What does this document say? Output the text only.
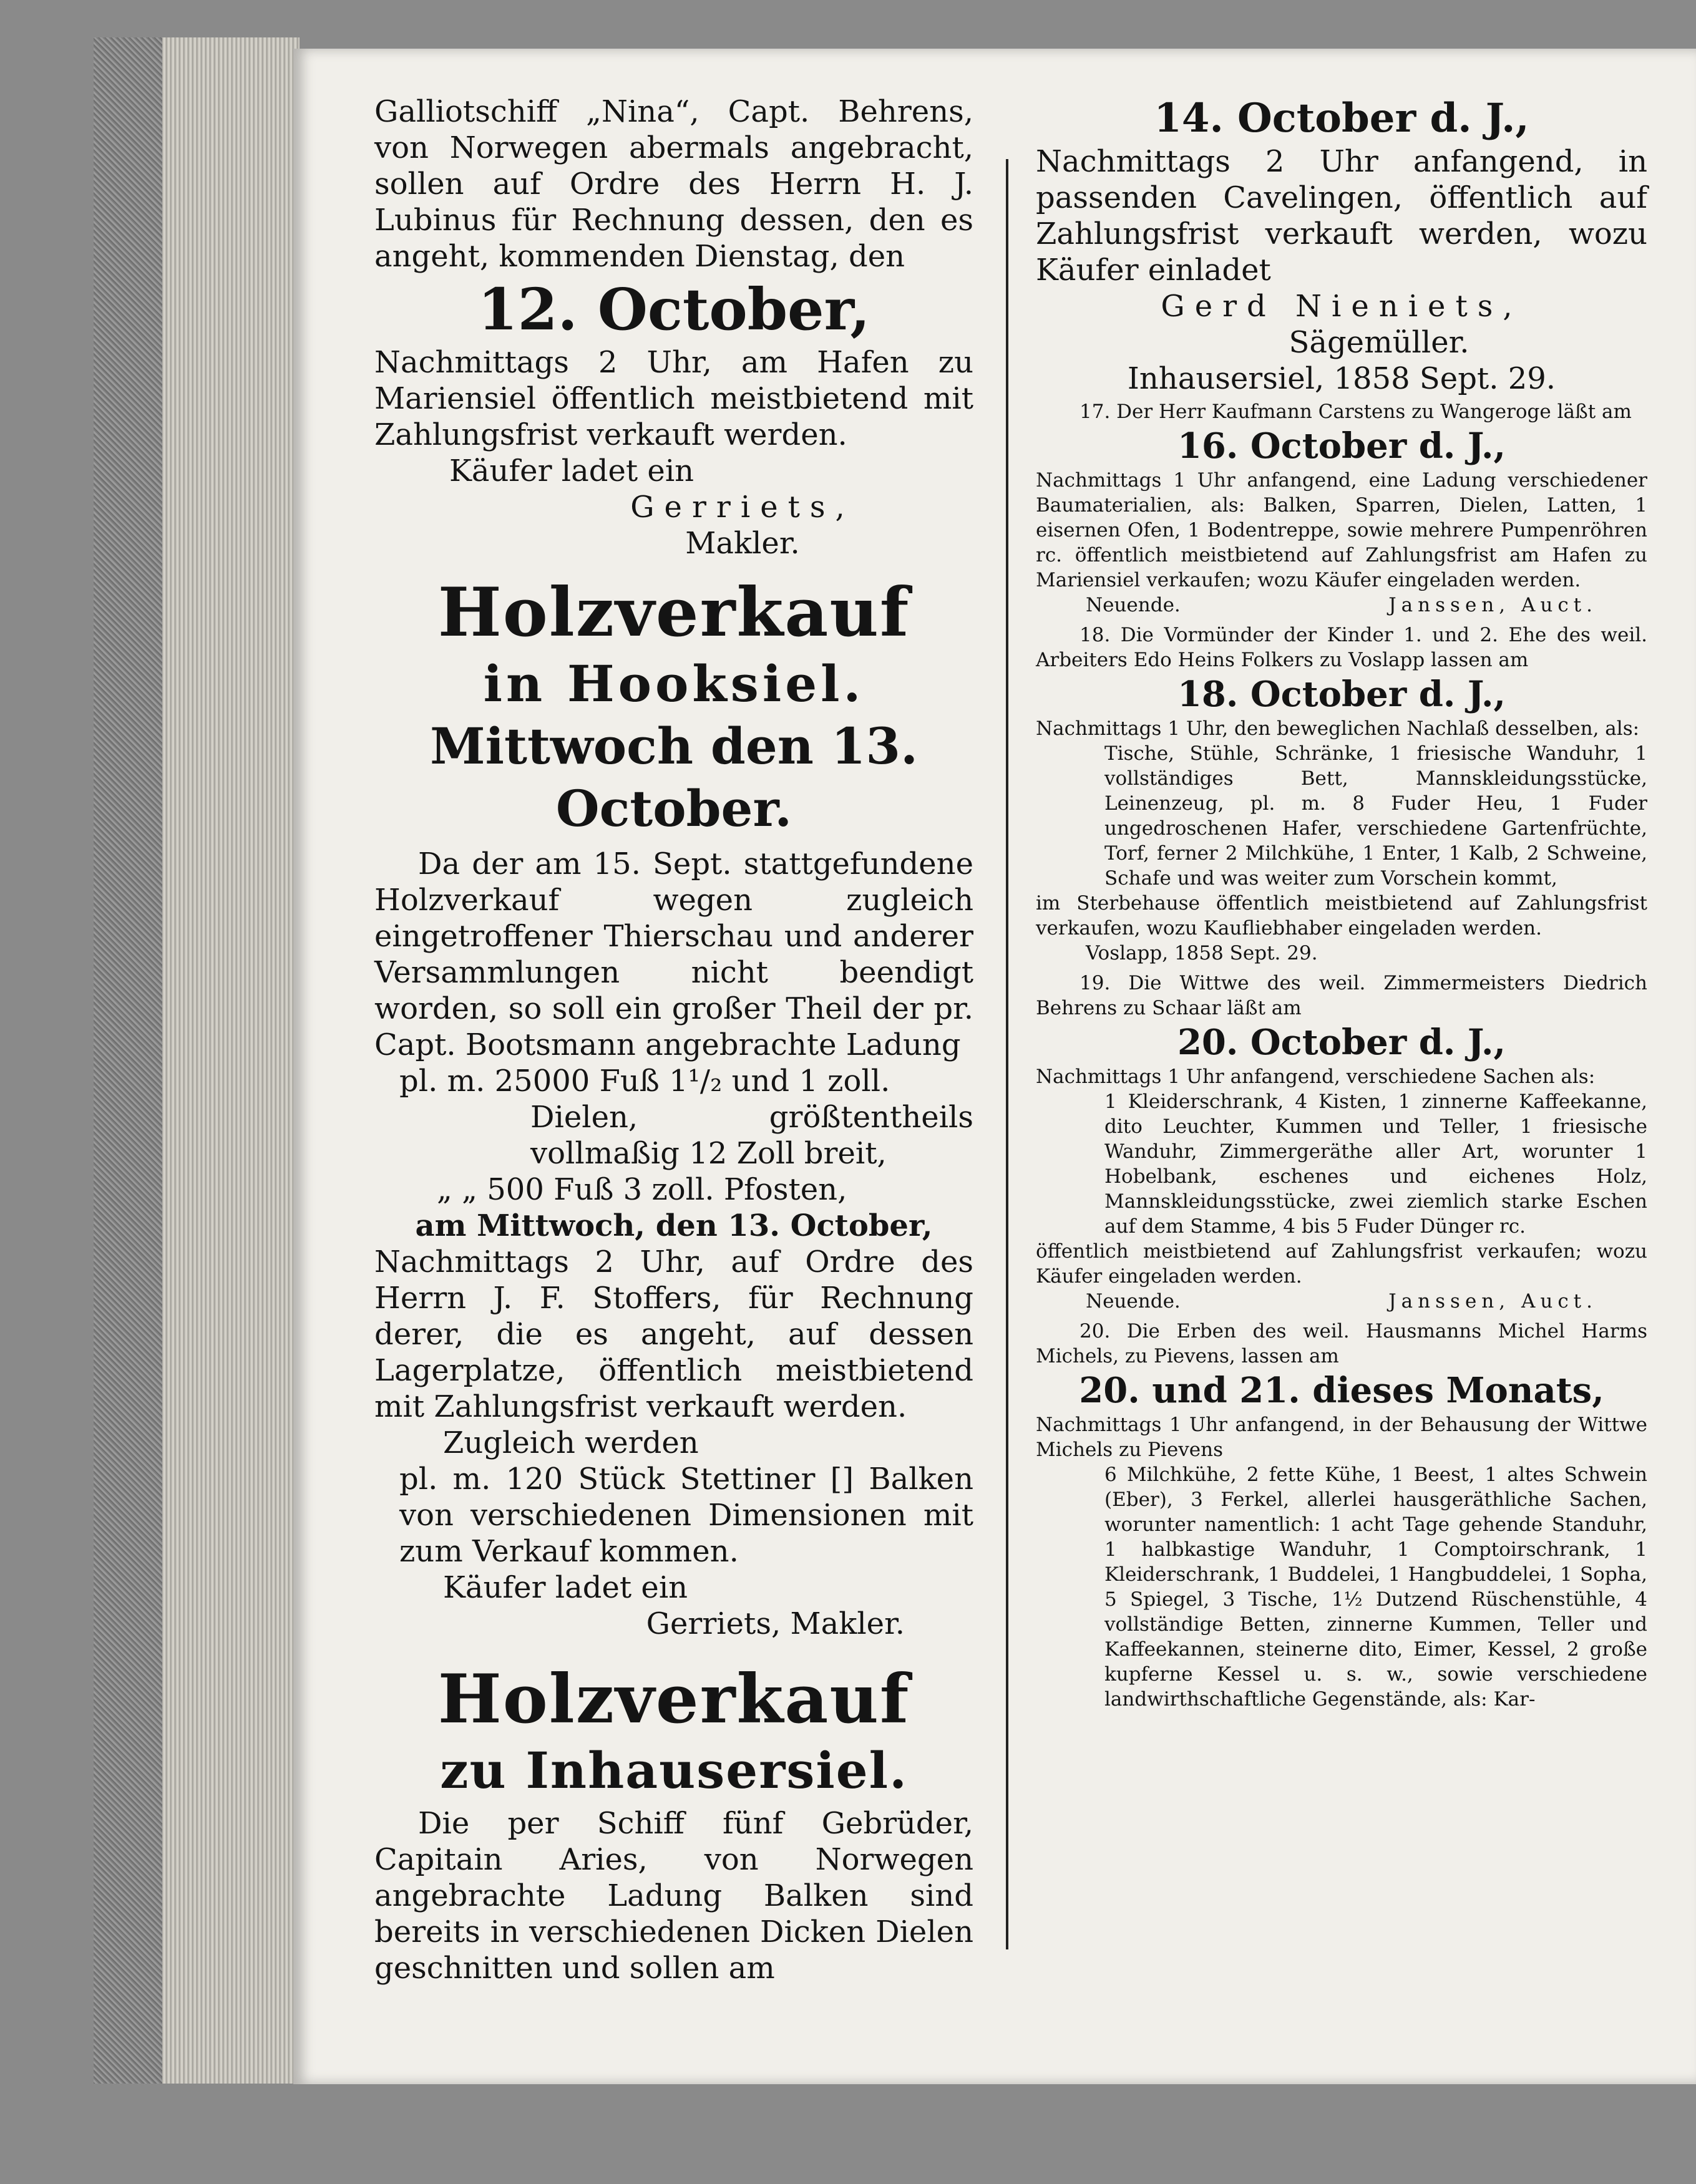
Galliotschiff „Nina“, Capt. Behrens, von Norwegen abermals angebracht, sollen auf Ordre des Herrn H. J. Lubinus für Rechnung dessen, den es angeht, kommenden Dienstag, den

12. October,

Nachmittags 2 Uhr, am Hafen zu Mariensiel öffentlich meistbietend mit Zahlungsfrist verkauft werden.

Käufer ladet ein

Gerriets,

Makler.

Holzverkauf
in Hooksiel.
Mittwoch den 13. October.

Da der am 15. Sept. stattgefundene Holzverkauf wegen zugleich eingetroffener Thierschau und anderer Versammlungen nicht beendigt worden, so soll ein großer Theil der pr. Capt. Bootsmann angebrachte Ladung

pl. m. 25000 Fuß 1¹/₂ und 1 zoll.

Dielen, größtentheils vollmaßig 12 Zoll breit,

„ „ 500 Fuß 3 zoll. Pfosten,

am Mittwoch, den 13. October,

Nachmittags 2 Uhr, auf Ordre des Herrn J. F. Stoffers, für Rechnung derer, die es angeht, auf dessen Lagerplatze, öffentlich meistbietend mit Zahlungsfrist verkauft werden.

Zugleich werden

pl. m. 120 Stück Stettiner [] Balken von verschiedenen Dimensionen mit zum Verkauf kommen.

Käufer ladet ein

Gerriets, Makler.

Holzverkauf
zu Inhausersiel.

Die per Schiff fünf Gebrüder, Capitain Aries, von Norwegen angebrachte Ladung Balken sind bereits in verschiedenen Dicken Dielen geschnitten und sollen am

14. October d. J.,

Nachmittags 2 Uhr anfangend, in passenden Cavelingen, öffentlich auf Zahlungsfrist verkauft werden, wozu Käufer einladet

Gerd Nieniets,

Sägemüller.

Inhausersiel, 1858 Sept. 29.

17. Der Herr Kaufmann Carstens zu Wangeroge läßt am

16. October d. J.,

Nachmittags 1 Uhr anfangend, eine Ladung verschiedener Baumaterialien, als: Balken, Sparren, Dielen, Latten, 1 eisernen Ofen, 1 Bodentreppe, sowie mehrere Pumpenröhren rc. öffentlich meistbietend auf Zahlungsfrist am Hafen zu Mariensiel verkaufen; wozu Käufer eingeladen werden.

Neuende.	Janssen, Auct.

18. Die Vormünder der Kinder 1. und 2. Ehe des weil. Arbeiters Edo Heins Folkers zu Voslapp lassen am

18. October d. J.,

Nachmittags 1 Uhr, den beweglichen Nachlaß desselben, als:

Tische, Stühle, Schränke, 1 friesische Wanduhr, 1 vollständiges Bett, Mannskleidungsstücke, Leinenzeug, pl. m. 8 Fuder Heu, 1 Fuder ungedroschenen Hafer, verschiedene Gartenfrüchte, Torf, ferner 2 Milchkühe, 1 Enter, 1 Kalb, 2 Schweine, Schafe und was weiter zum Vorschein kommt,

im Sterbehause öffentlich meistbietend auf Zahlungsfrist verkaufen, wozu Kaufliebhaber eingeladen werden.

Voslapp, 1858 Sept. 29.

19. Die Wittwe des weil. Zimmermeisters Diedrich Behrens zu Schaar läßt am

20. October d. J.,

Nachmittags 1 Uhr anfangend, verschiedene Sachen als:

1 Kleiderschrank, 4 Kisten, 1 zinnerne Kaffeekanne, dito Leuchter, Kummen und Teller, 1 friesische Wanduhr, Zimmergeräthe aller Art, worunter 1 Hobelbank, eschenes und eichenes Holz, Mannskleidungsstücke, zwei ziemlich starke Eschen auf dem Stamme, 4 bis 5 Fuder Dünger rc.

öffentlich meistbietend auf Zahlungsfrist verkaufen; wozu Käufer eingeladen werden.

Neuende.	Janssen, Auct.

20. Die Erben des weil. Hausmanns Michel Harms Michels, zu Pievens, lassen am

20. und 21. dieses Monats,

Nachmittags 1 Uhr anfangend, in der Behausung der Wittwe Michels zu Pievens

6 Milchkühe, 2 fette Kühe, 1 Beest, 1 altes Schwein (Eber), 3 Ferkel, allerlei hausgeräthliche Sachen, worunter namentlich: 1 acht Tage gehende Standuhr, 1 halbkastige Wanduhr, 1 Comptoirschrank, 1 Kleiderschrank, 1 Buddelei, 1 Hangbuddelei, 1 Sopha, 5 Spiegel, 3 Tische, 1½ Dutzend Rüschenstühle, 4 vollständige Betten, zinnerne Kummen, Teller und Kaffeekannen, steinerne dito, Eimer, Kessel, 2 große kupferne Kessel u. s. w., sowie verschiedene landwirthschaftliche Gegenstände, als: Kar-
